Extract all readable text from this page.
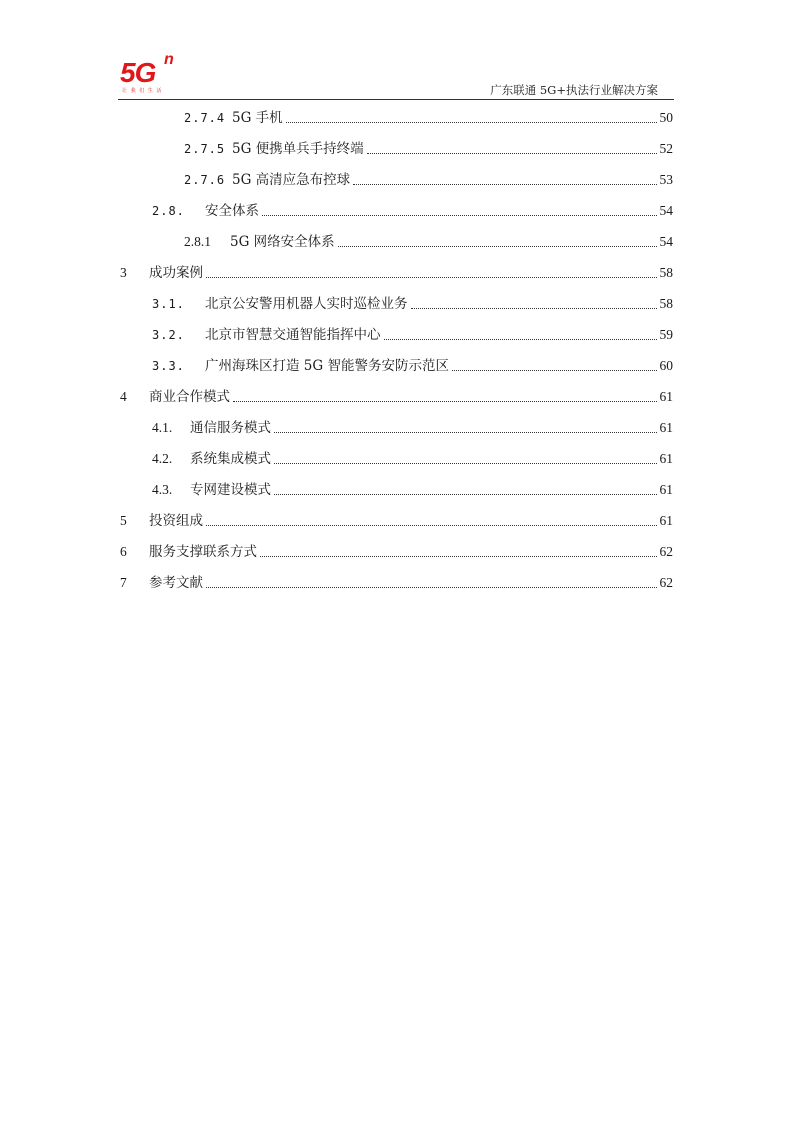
5G n
让 我 们 生 活	广东联通 5G+执法行业解决方案
2.7.4 5G 手机	50
2.7.5 5G 便携单兵手持终端	52
2.7.6 5G 高清应急布控球	53
2.8.	安全体系	54
2.8.1	5G 网络安全体系	54
3	成功案例	58
3.1.	北京公安警用机器人实时巡检业务	58
3.2.	北京市智慧交通智能指挥中心	59
3.3.	广州海珠区打造 5G 智能警务安防示范区	60
4	商业合作模式	61
4.1.	通信服务模式	61
4.2.	系统集成模式	61
4.3.	专网建设模式	61
5	投资组成	61
6	服务支撑联系方式	62
7	参考文献	62
